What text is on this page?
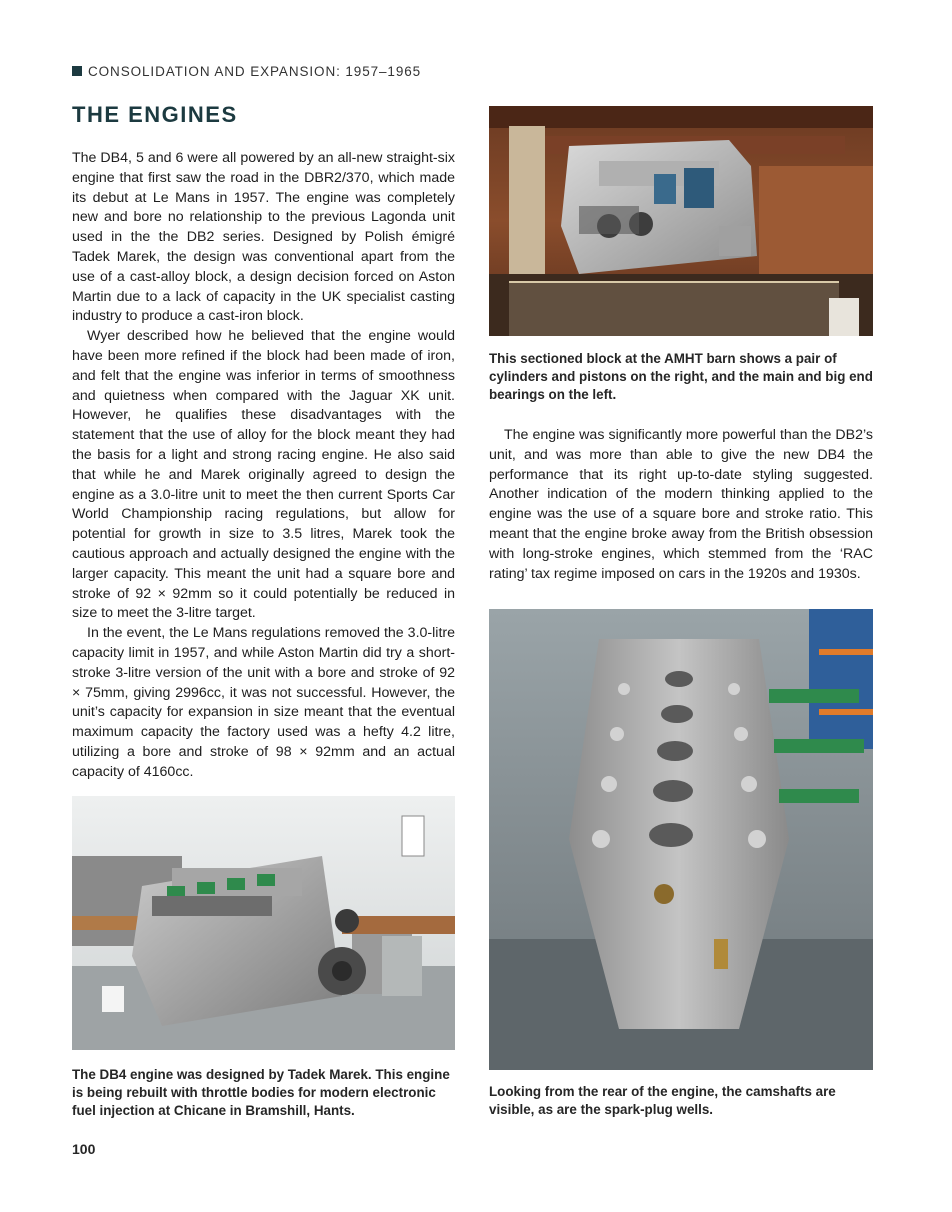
CONSOLIDATION AND EXPANSION: 1957–1965
THE ENGINES

The DB4, 5 and 6 were all powered by an all-new straight-six engine that first saw the road in the DBR2/370, which made its debut at Le Mans in 1957. The engine was completely new and bore no relationship to the previous Lagonda unit used in the the DB2 series. Designed by Polish émigré Tadek Marek, the design was conventional apart from the use of a cast-alloy block, a design decision forced on Aston Martin due to a lack of capacity in the UK specialist casting industry to produce a cast-iron block.

Wyer described how he believed that the engine would have been more refined if the block had been made of iron, and felt that the engine was inferior in terms of smoothness and quietness when compared with the Jaguar XK unit. However, he qualifies these disadvantages with the statement that the use of alloy for the block meant they had the basis for a light and strong racing engine. He also said that while he and Marek originally agreed to design the engine as a 3.0-litre unit to meet the then current Sports Car World Championship racing regulations, but allow for potential for growth in size to 3.5 litres, Marek took the cautious approach and actually designed the engine with the larger capacity. This meant the unit had a square bore and stroke of 92 × 92mm so it could potentially be reduced in size to meet the 3-litre target.

In the event, the Le Mans regulations removed the 3.0-litre capacity limit in 1957, and while Aston Martin did try a short-stroke 3-litre version of the unit with a bore and stroke of 92 × 75mm, giving 2996cc, it was not successful. However, the unit’s capacity for expansion in size meant that the eventual maximum capacity the factory used was a hefty 4.2 litre, utilizing a bore and stroke of 98 × 92mm and an actual capacity of 4160cc.

This sectioned block at the AMHT barn shows a pair of cylinders and pistons on the right, and the main and big end bearings on the left.

The engine was significantly more powerful than the DB2’s unit, and was more than able to give the new DB4 the performance that its right up-to-date styling suggested. Another indication of the modern thinking applied to the engine was the use of a square bore and stroke ratio. This meant that the engine broke away from the British obsession with long-stroke engines, which stemmed from the ‘RAC rating’ tax regime imposed on cars in the 1920s and 1930s.

The DB4 engine was designed by Tadek Marek. This engine is being rebuilt with throttle bodies for modern electronic fuel injection at Chicane in Bramshill, Hants.
Looking from the rear of the engine, the camshafts are visible, as are the spark-plug wells.
100
